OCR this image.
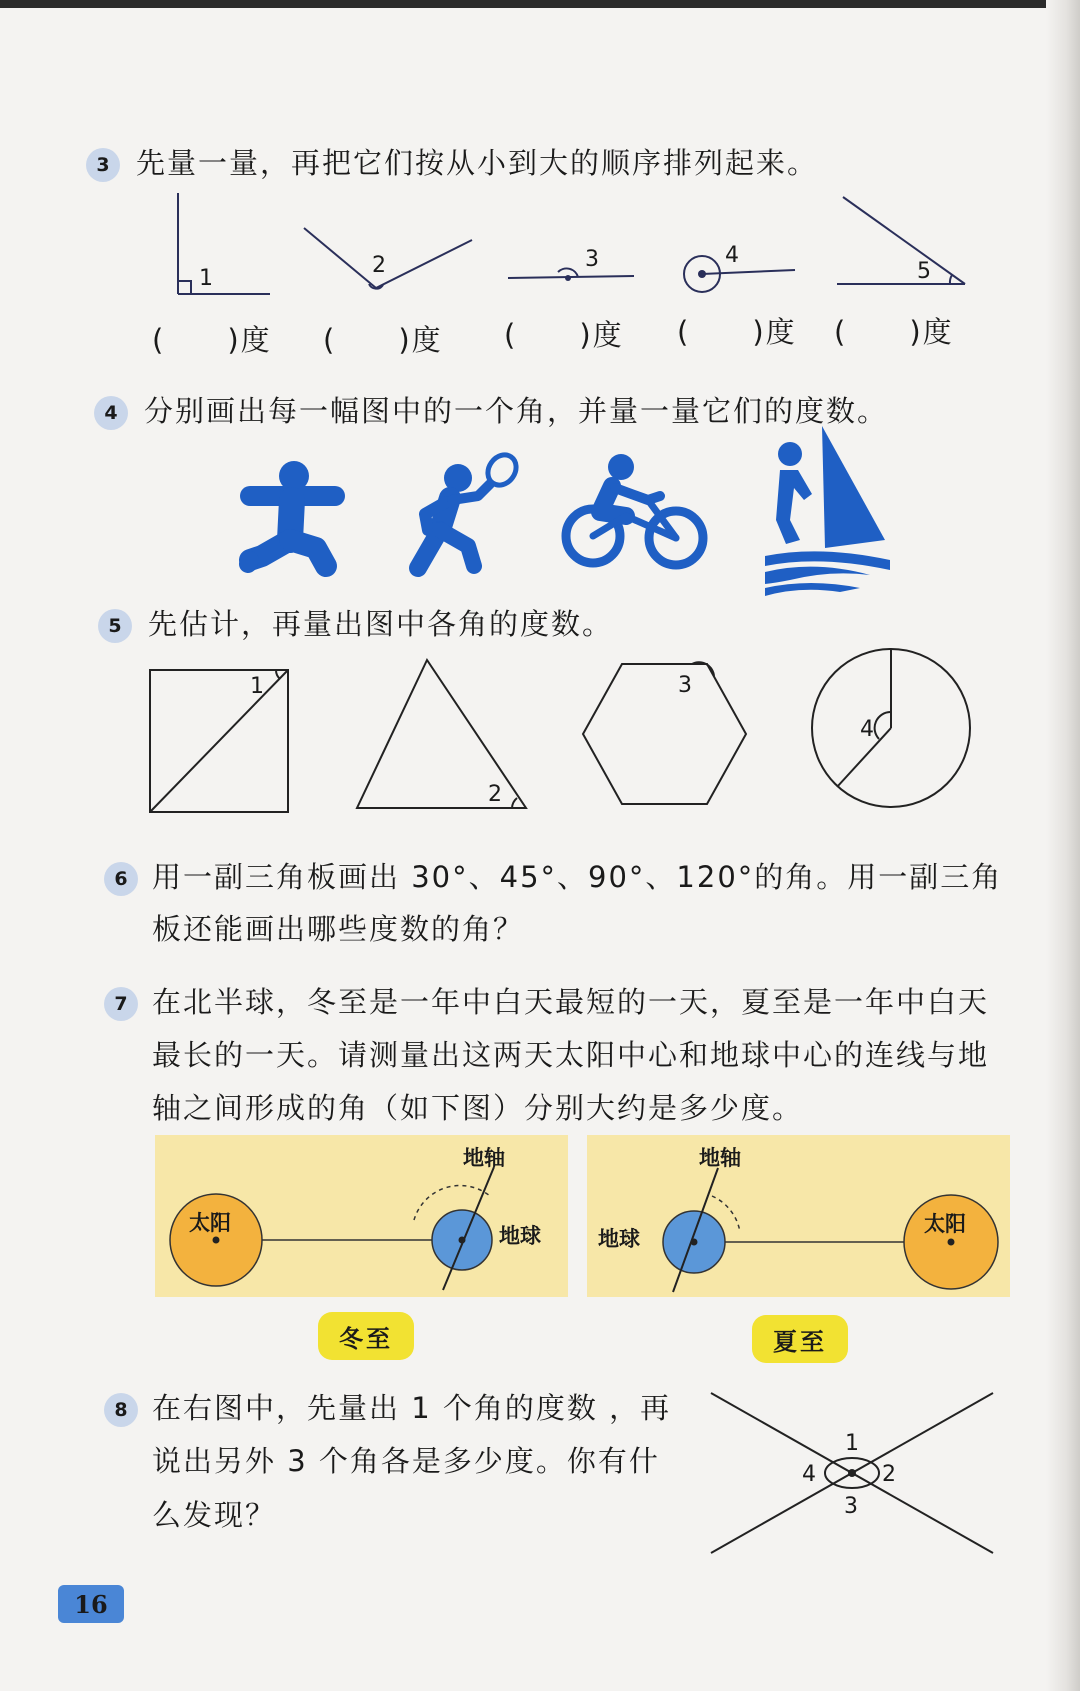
3 先量一量，再把它们按从小到大的顺序排列起来。
1
2	3	4
5
(　　)度 (　　)度 (　　)度 (　　)度 (　　)度
4 分别画出每一幅图中的一个角，并量一量它们的度数。
5 先估计，再量出图中各角的度数。
1
2
3
4
6 用一副三角板画出 30°、45°、90°、120°的角。用一副三角
板还能画出哪些度数的角？
7 在北半球，冬至是一年中白天最短的一天，夏至是一年中白天
最长的一天。请测量出这两天太阳中心和地球中心的连线与地
轴之间形成的角（如下图）分别大约是多少度。
太阳
地球
地轴
地球
太阳
地轴
冬至	夏至
8 在右图中，先量出 1 个角的度数 ，再
说出另外 3 个角各是多少度。你有什
么发现？
1
2
3
4
16
